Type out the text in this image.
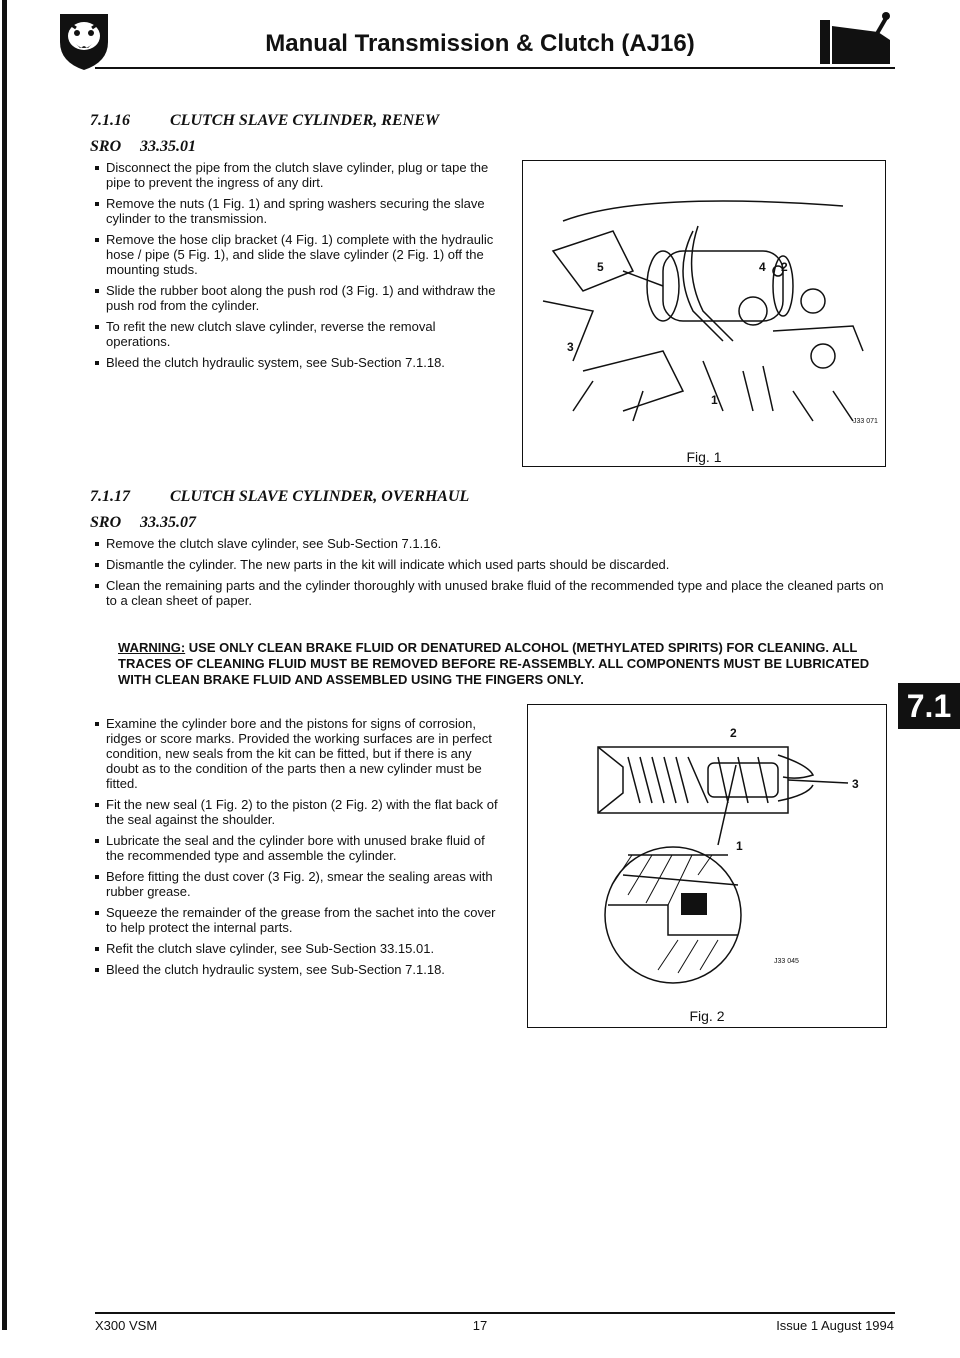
Manual Transmission & Clutch (AJ16)
7.1.16	CLUTCH SLAVE CYLINDER, RENEW
SRO 33.35.01
Disconnect the pipe from the clutch slave cylinder, plug or tape the pipe to prevent the ingress of any dirt.
Remove the nuts (1 Fig. 1) and spring washers securing the slave cylinder to the transmission.
Remove the hose clip bracket (4 Fig. 1) complete with the hydraulic hose / pipe (5 Fig. 1), and slide the slave cylinder (2 Fig. 1) off the mounting studs.
Slide the rubber boot along the push rod (3 Fig. 1) and withdraw the push rod from the cylinder.
To refit the new clutch slave cylinder, reverse the removal operations.
Bleed the clutch hydraulic system, see Sub-Section 7.1.18.
5	4 2
3
1
J33 071
Fig. 1
7.1.17	CLUTCH SLAVE CYLINDER, OVERHAUL
SRO 33.35.07
Remove the clutch slave cylinder, see Sub-Section 7.1.16.
Dismantle the cylinder. The new parts in the kit will indicate which used parts should be discarded.
Clean the remaining parts and the cylinder thoroughly with unused brake fluid of the recommended type and place the cleaned parts on to a clean sheet of paper.
WARNING: USE ONLY CLEAN BRAKE FLUID OR DENATURED ALCOHOL (METHYLATED SPIRITS) FOR CLEANING. ALL TRACES OF CLEANING FLUID MUST BE REMOVED BEFORE RE-ASSEMBLY. ALL COMPONENTS MUST BE LUBRICATED WITH CLEAN BRAKE FLUID AND ASSEMBLED USING THE FINGERS ONLY.
7.1
Examine the cylinder bore and the pistons for signs of corrosion, ridges or score marks. Provided the working surfaces are in perfect condition, new seals from the kit can be fitted, but if there is any doubt as to the condition of the parts then a new cylinder must be fitted.
Fit the new seal (1 Fig. 2) to the piston (2 Fig. 2) with the flat back of the seal against the shoulder.
Lubricate the seal and the cylinder bore with unused brake fluid of the recommended type and assemble the cylinder.
Before fitting the dust cover (3 Fig. 2), smear the sealing areas with rubber grease.
Squeeze the remainder of the grease from the sachet into the cover to help protect the internal parts.
Refit the clutch slave cylinder, see Sub-Section 33.15.01.
Bleed the clutch hydraulic system, see Sub-Section 7.1.18.
2
3
1
J33 045
Fig. 2
X300 VSM	17	Issue 1 August 1994
